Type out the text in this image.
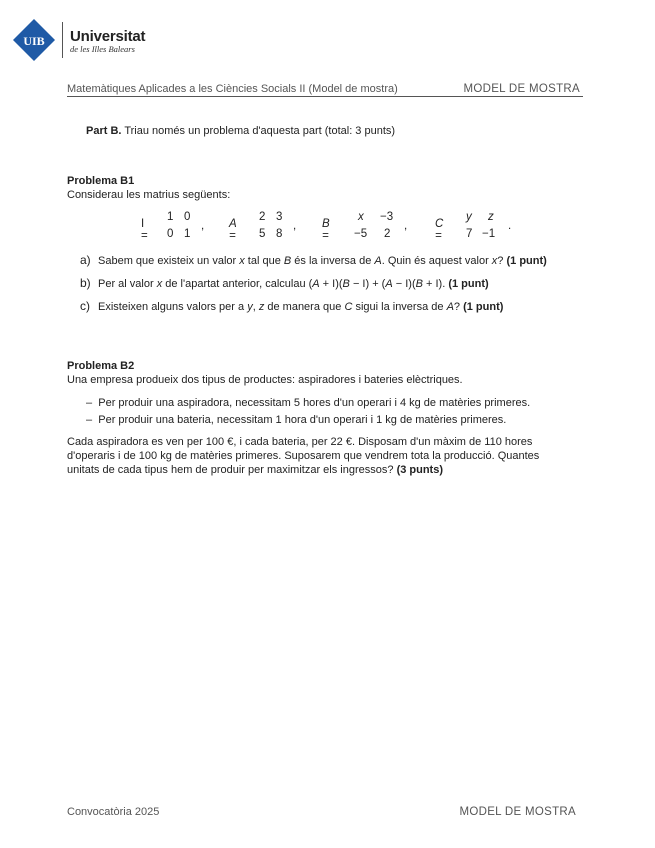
UIB Universitat
de les Illes Balears
Matemàtiques Aplicades a les Ciències Socials II (Model de mostra)	MODEL DE MOSTRA
Part B. Triau només un problema d'aquesta part (total: 3 punts)
Problema B1
Considerau les matrius següents:
I =
1 0
0 1
, A =
2 3
5 8
, B =
x −3
−5 2
, C =
y z
7 −1
.
a) Sabem que existeix un valor x tal que B és la inversa de A. Quin és aquest valor x? (1 punt)
b) Per al valor x de l'apartat anterior, calculau (A + I)(B − I) + (A − I)(B + I). (1 punt)
c) Existeixen alguns valors per a y, z de manera que C sigui la inversa de A? (1 punt)
Problema B2
Una empresa produeix dos tipus de productes: aspiradores i bateries elèctriques.
–  Per produir una aspiradora, necessitam 5 hores d'un operari i 4 kg de matèries primeres.
–  Per produir una bateria, necessitam 1 hora d'un operari i 1 kg de matèries primeres.
Cada aspiradora es ven per 100 €, i cada bateria, per 22 €. Disposam d'un màxim de 110 hores
d'operaris i de 100 kg de matèries primeres. Suposarem que vendrem tota la producció. Quantes
unitats de cada tipus hem de produir per maximitzar els ingressos? (3 punts)
Convocatòria 2025	MODEL DE MOSTRA
